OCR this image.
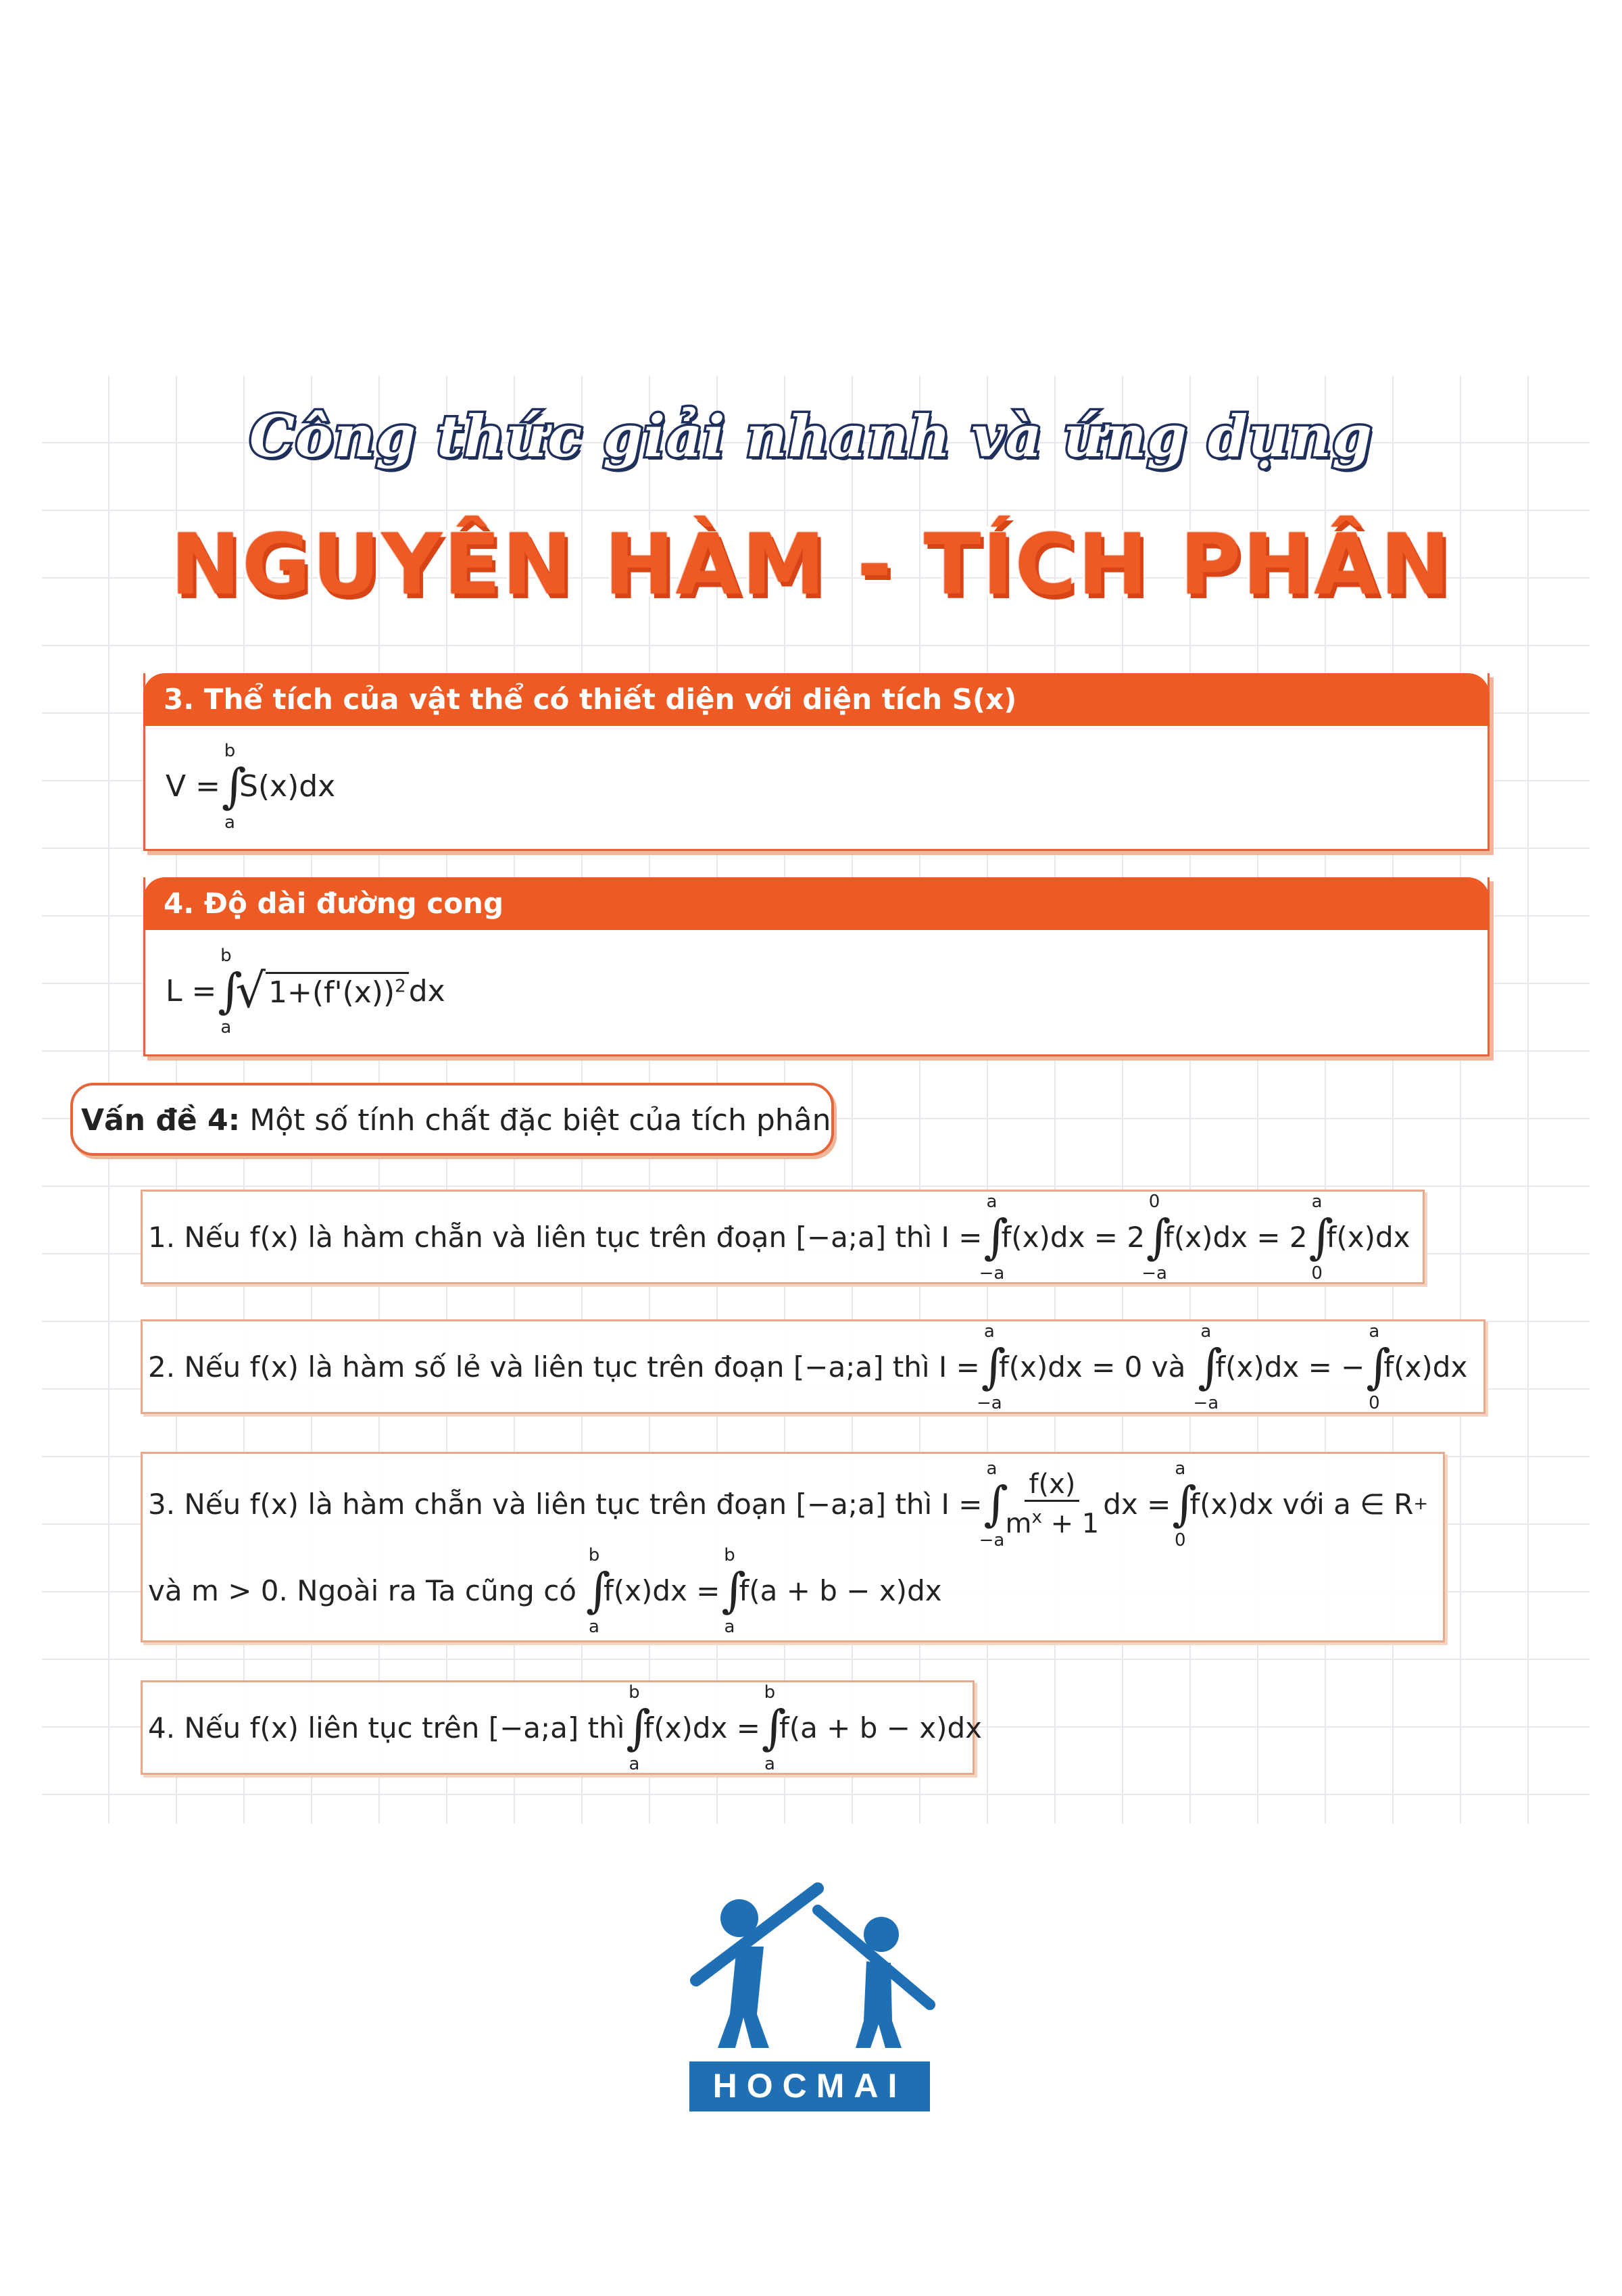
Công thức giải nhanh và ứng dụng
NGUYÊN HÀM - TÍCH PHÂN
3. Thể tích của vật thể có thiết diện với diện tích S(x)
V =
b
∫
a
S(x)dx
4. Độ dài đường cong
L =
b
∫
a
√ $1+(f'(x))^2$ dx
Vấn đề 4: Một số tính chất đặc biệt của tích phân
1. Nếu f(x) là hàm chẵn và liên tục trên đoạn [−a;a] thì I =
a
∫
−a
f(x)dx = 2
0
∫
−a
f(x)dx = 2
a
∫
0
f(x)dx
2. Nếu f(x) là hàm số lẻ và liên tục trên đoạn [−a;a] thì I =
a
∫
−a
f(x)dx = 0 và
a
∫
−a
f(x)dx = −
a
∫
0
f(x)dx
3. Nếu f(x) là hàm chẵn và liên tục trên đoạn [−a;a] thì I =
a
∫
−a
$\frac{f(x)}{m^x + 1}$ dx =
a
∫
0
f(x)dx với a ∈ R +
và m > 0. Ngoài ra Ta cũng có
b
∫
a
f(x)dx =
b
∫
a
f(a + b − x)dx
4. Nếu f(x) liên tục trên [−a;a] thì
b
∫
a
f(x)dx =
b
∫
a
f(a + b − x)dx
HOCMAI
